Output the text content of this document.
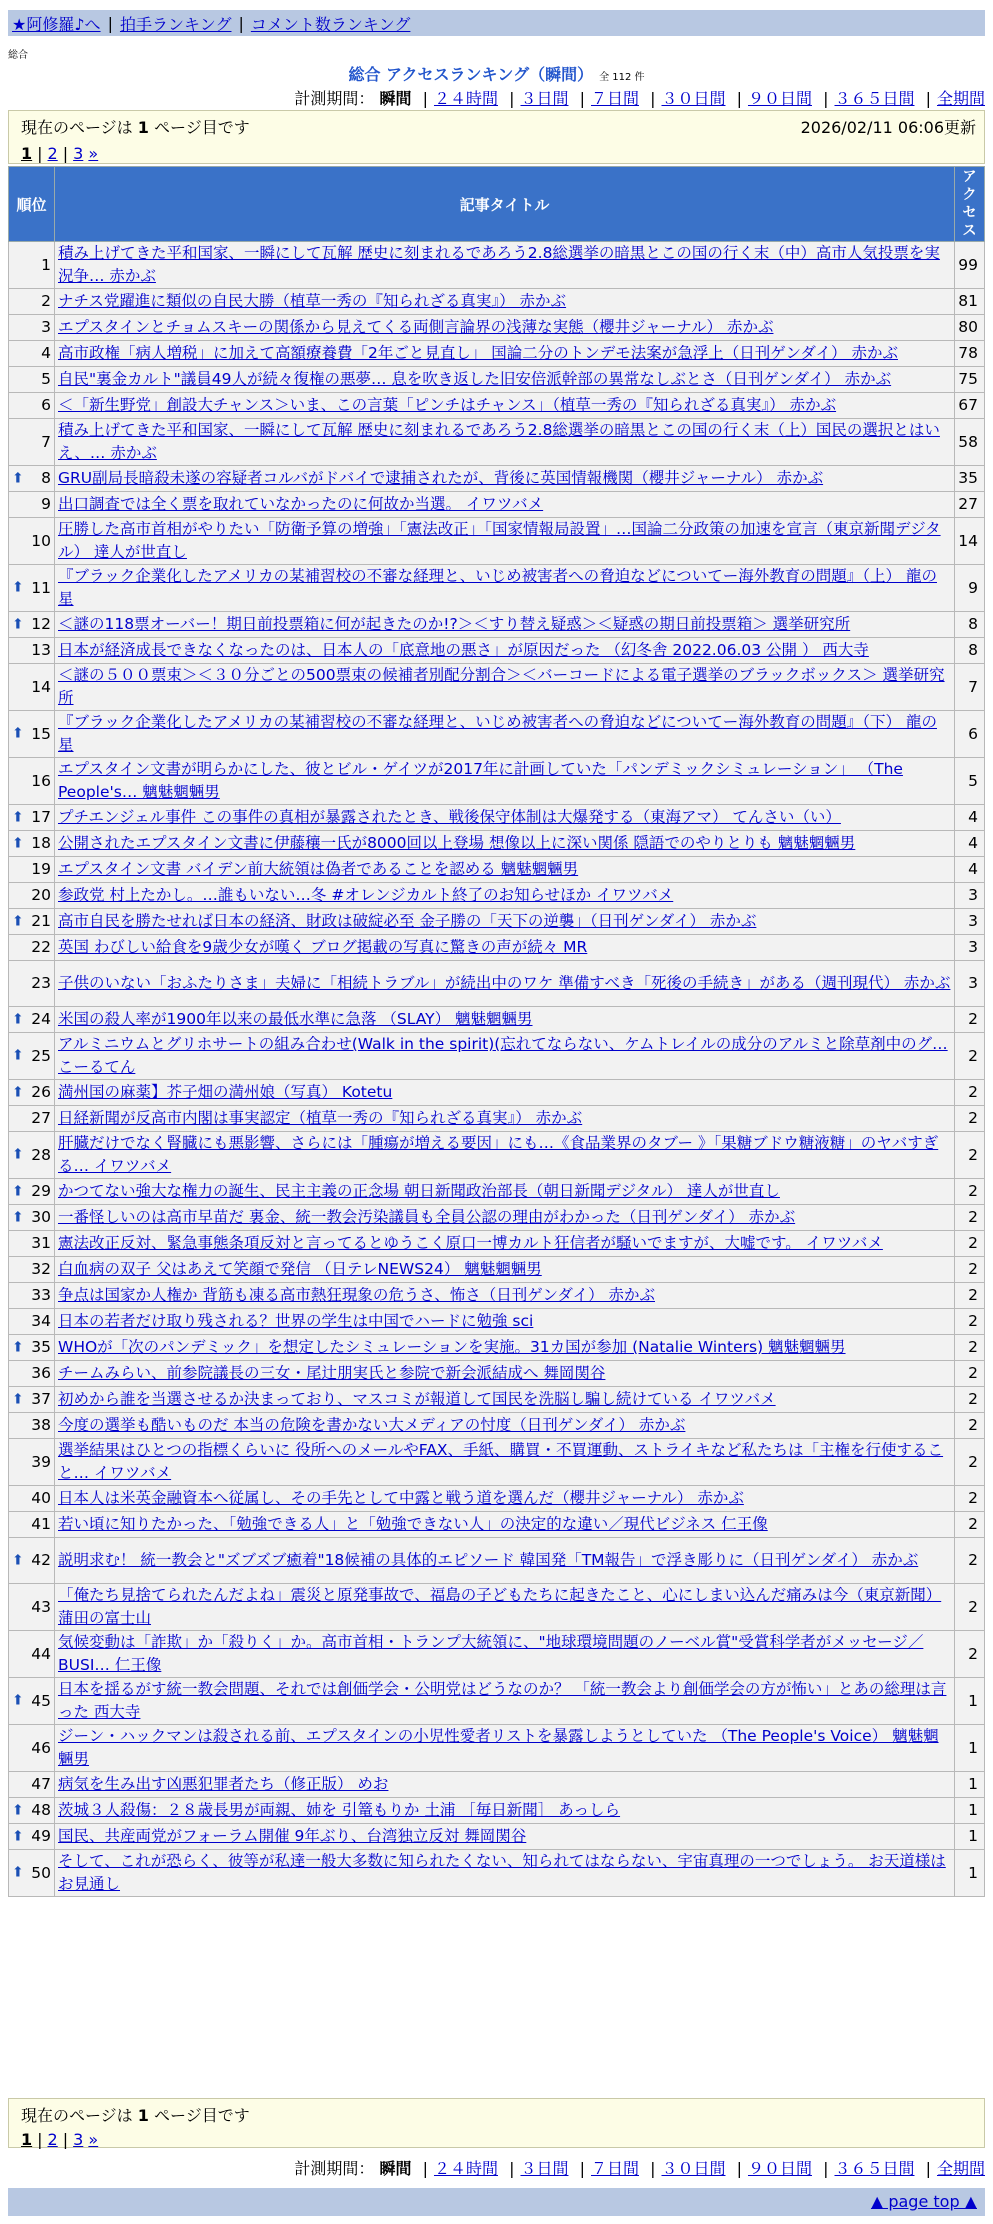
★阿修羅♪へ | 拍手ランキング | コメント数ランキング
総合
総合 アクセスランキング（瞬間） 全 112 件
計測期間： 瞬間 | ２４時間 | ３日間 | ７日間 | ３０日間 | ９０日間 | ３６５日間 | 全期間
現在のページは 1 ページ目です	2026/02/11 06:06更新
1 | 2 | 3 »
順位	記事タイトル	アクセス
1	積み上げてきた平和国家、一瞬にして瓦解 歴史に刻まれるであろう2.8総選挙の暗黒とこの国の行く末（中）高市人気投票を実況争… 赤かぶ	99
2	ナチス党躍進に類似の自民大勝（植草一秀の『知られざる真実』） 赤かぶ	81
3	エプスタインとチョムスキーの関係から見えてくる両側言論界の浅薄な実態（櫻井ジャーナル） 赤かぶ	80
4	高市政権「病人増税」に加えて高額療養費「2年ごと見直し」 国論二分のトンデモ法案が急浮上（日刊ゲンダイ） 赤かぶ	78
5	自民"裏金カルト"議員49人が続々復権の悪夢… 息を吹き返した旧安倍派幹部の異常なしぶとさ（日刊ゲンダイ） 赤かぶ	75
6	＜「新生野党」創設大チャンス＞いま、この言葉「ピンチはチャンス」（植草一秀の『知られざる真実』） 赤かぶ	67
7	積み上げてきた平和国家、一瞬にして瓦解 歴史に刻まれるであろう2.8総選挙の暗黒とこの国の行く末（上）国民の選択とはいえ、… 赤かぶ	58

⬆ 8	GRU副局長暗殺未遂の容疑者コルバがドバイで逮捕されたが、背後に英国情報機関（櫻井ジャーナル） 赤かぶ	35
9	出口調査では全く票を取れていなかったのに何故か当選。 イワツバメ	27
10	圧勝した高市首相がやりたい「防衛予算の増強」「憲法改正」「国家情報局設置」…国論二分政策の加速を宣言（東京新聞デジタル） 達人が世直し	14

⬆ 11	『ブラック企業化したアメリカの某補習校の不審な経理と、いじめ被害者への脅迫などについてー海外教育の問題』（上） 龍の星	9

⬆ 12	＜謎の118票オーバー！期日前投票箱に何が起きたのか!?＞＜すり替え疑惑＞＜疑惑の期日前投票箱＞ 選挙研究所	8
13	日本が経済成長できなくなったのは、日本人の「底意地の悪さ」が原因だった （幻冬舎 2022.06.03 公開 ） 西大寺	8
14	＜謎の５００票束＞＜３０分ごとの500票束の候補者別配分割合＞＜バーコードによる電子選挙のブラックボックス＞ 選挙研究所	7

⬆ 15	『ブラック企業化したアメリカの某補習校の不審な経理と、いじめ被害者への脅迫などについてー海外教育の問題』（下） 龍の星	6
16	エプスタイン文書が明らかにした、彼とビル・ゲイツが2017年に計画していた「パンデミックシミュレーション」 （The People's… 魑魅魍魎男	5

⬆ 17	プチエンジェル事件 この事件の真相が暴露されたとき、戦後保守体制は大爆発する（東海アマ） てんさい（い）	4

⬆ 18	公開されたエプスタイン文書に伊藤穰一氏が8000回以上登場 想像以上に深い関係 隠語でのやりとりも 魑魅魍魎男	4
19	エプスタイン文書 バイデン前大統領は偽者であることを認める 魑魅魍魎男	4
20	参政党 村上たかし。…誰もいない…冬 #オレンジカルト終了のお知らせほか イワツバメ	3

⬆ 21	高市自民を勝たせれば日本の経済、財政は破綻必至 金子勝の「天下の逆襲」（日刊ゲンダイ） 赤かぶ	3
22	英国 わびしい給食を9歳少女が嘆く ブログ掲載の写真に驚きの声が続々 MR	3
23	子供のいない「おふたりさま」夫婦に「相続トラブル」が続出中のワケ 準備すべき「死後の手続き」がある（週刊現代） 赤かぶ	3

⬆ 24	米国の殺人率が1900年以来の最低水準に急落 （SLAY） 魑魅魍魎男	2

⬆ 25	アルミニウムとグリホサートの組み合わせ(Walk in the spirit)(忘れてならない、ケムトレイルの成分のアルミと除草剤中のグ… こーるてん	2

⬆ 26	満州国の麻薬】芥子畑の満州娘（写真） Kotetu	2
27	日経新聞が反高市内閣は事実認定（植草一秀の『知られざる真実』） 赤かぶ	2

⬆ 28	肝臓だけでなく腎臓にも悪影響、さらには「腫瘍が増える要因」にも…《食品業界のタブー 》「果糖ブドウ糖液糖」のヤバすぎる… イワツバメ	2

⬆ 29	かつてない強大な権力の誕生、民主主義の正念場 朝日新聞政治部長（朝日新聞デジタル） 達人が世直し	2

⬆ 30	一番怪しいのは高市早苗だ 裏金、統一教会汚染議員も全員公認の理由がわかった（日刊ゲンダイ） 赤かぶ	2
31	憲法改正反対、緊急事態条項反対と言ってるとゆうこく原口一博カルト狂信者が騒いでますが、大嘘です。 イワツバメ	2
32	白血病の双子 父はあえて笑顔で発信 （日テレNEWS24） 魑魅魍魎男	2
33	争点は国家か人権か 背筋も凍る高市熱狂現象の危うさ、怖さ（日刊ゲンダイ） 赤かぶ	2
34	日本の若者だけ取り残される？世界の学生は中国でハードに勉強 sci	2

⬆ 35	WHOが「次のパンデミック」を想定したシミュレーションを実施。31カ国が参加 (Natalie Winters) 魑魅魍魎男	2
36	チームみらい、前参院議長の三女・尾辻朋実氏と参院で新会派結成へ 舞岡関谷	2

⬆ 37	初めから誰を当選させるか決まっており、マスコミが報道して国民を洗脳し騙し続けている イワツバメ	2
38	今度の選挙も酷いものだ 本当の危険を書かない大メディアの忖度（日刊ゲンダイ） 赤かぶ	2
39	選挙結果はひとつの指標くらいに 役所へのメールやFAX、手紙、購買・不買運動、ストライキなど私たちは「主権を行使すること… イワツバメ	2
40	日本人は米英金融資本へ従属し、その手先として中露と戦う道を選んだ（櫻井ジャーナル） 赤かぶ	2
41	若い頃に知りたかった、「勉強できる人」と「勉強できない人」の決定的な違い／現代ビジネス 仁王像	2

⬆ 42	説明求む！ 統一教会と"ズブズブ癒着"18候補の具体的エピソード 韓国発「TM報告」で浮き彫りに（日刊ゲンダイ） 赤かぶ	2
43	「俺たち見捨てられたんだよね」震災と原発事故で、福島の子どもたちに起きたこと、心にしまい込んだ痛みは今（東京新聞） 蒲田の富士山	2
44	気候変動は「詐欺」か「殺りく」か。高市首相・トランプ大統領に、"地球環境問題のノーベル賞"受賞科学者がメッセージ／BUSI… 仁王像	2

⬆ 45	日本を揺るがす統一教会問題、それでは創価学会・公明党はどうなのか？ 「統一教会より創価学会の方が怖い」とあの総理は言った 西大寺	1
46	ジーン・ハックマンは殺される前、エプスタインの小児性愛者リストを暴露しようとしていた （The People's Voice） 魑魅魍魎男	1
47	病気を生み出す凶悪犯罪者たち（修正版） めお	1

⬆ 48	茨城３人殺傷：２８歳長男が両親、姉を 引篭もりか 土浦 ［毎日新聞］ あっしら	1

⬆ 49	国民、共産両党がフォーラム開催 9年ぶり、台湾独立反対 舞岡関谷	1

⬆ 50	そして、これが恐らく、彼等が私達一般大多数に知られたくない、知られてはならない、宇宙真理の一つでしょう。 お天道様はお見通し	1
現在のページは 1 ページ目です
1 | 2 | 3 »
計測期間： 瞬間 | ２４時間 | ３日間 | ７日間 | ３０日間 | ９０日間 | ３６５日間 | 全期間
▲ page top ▲
